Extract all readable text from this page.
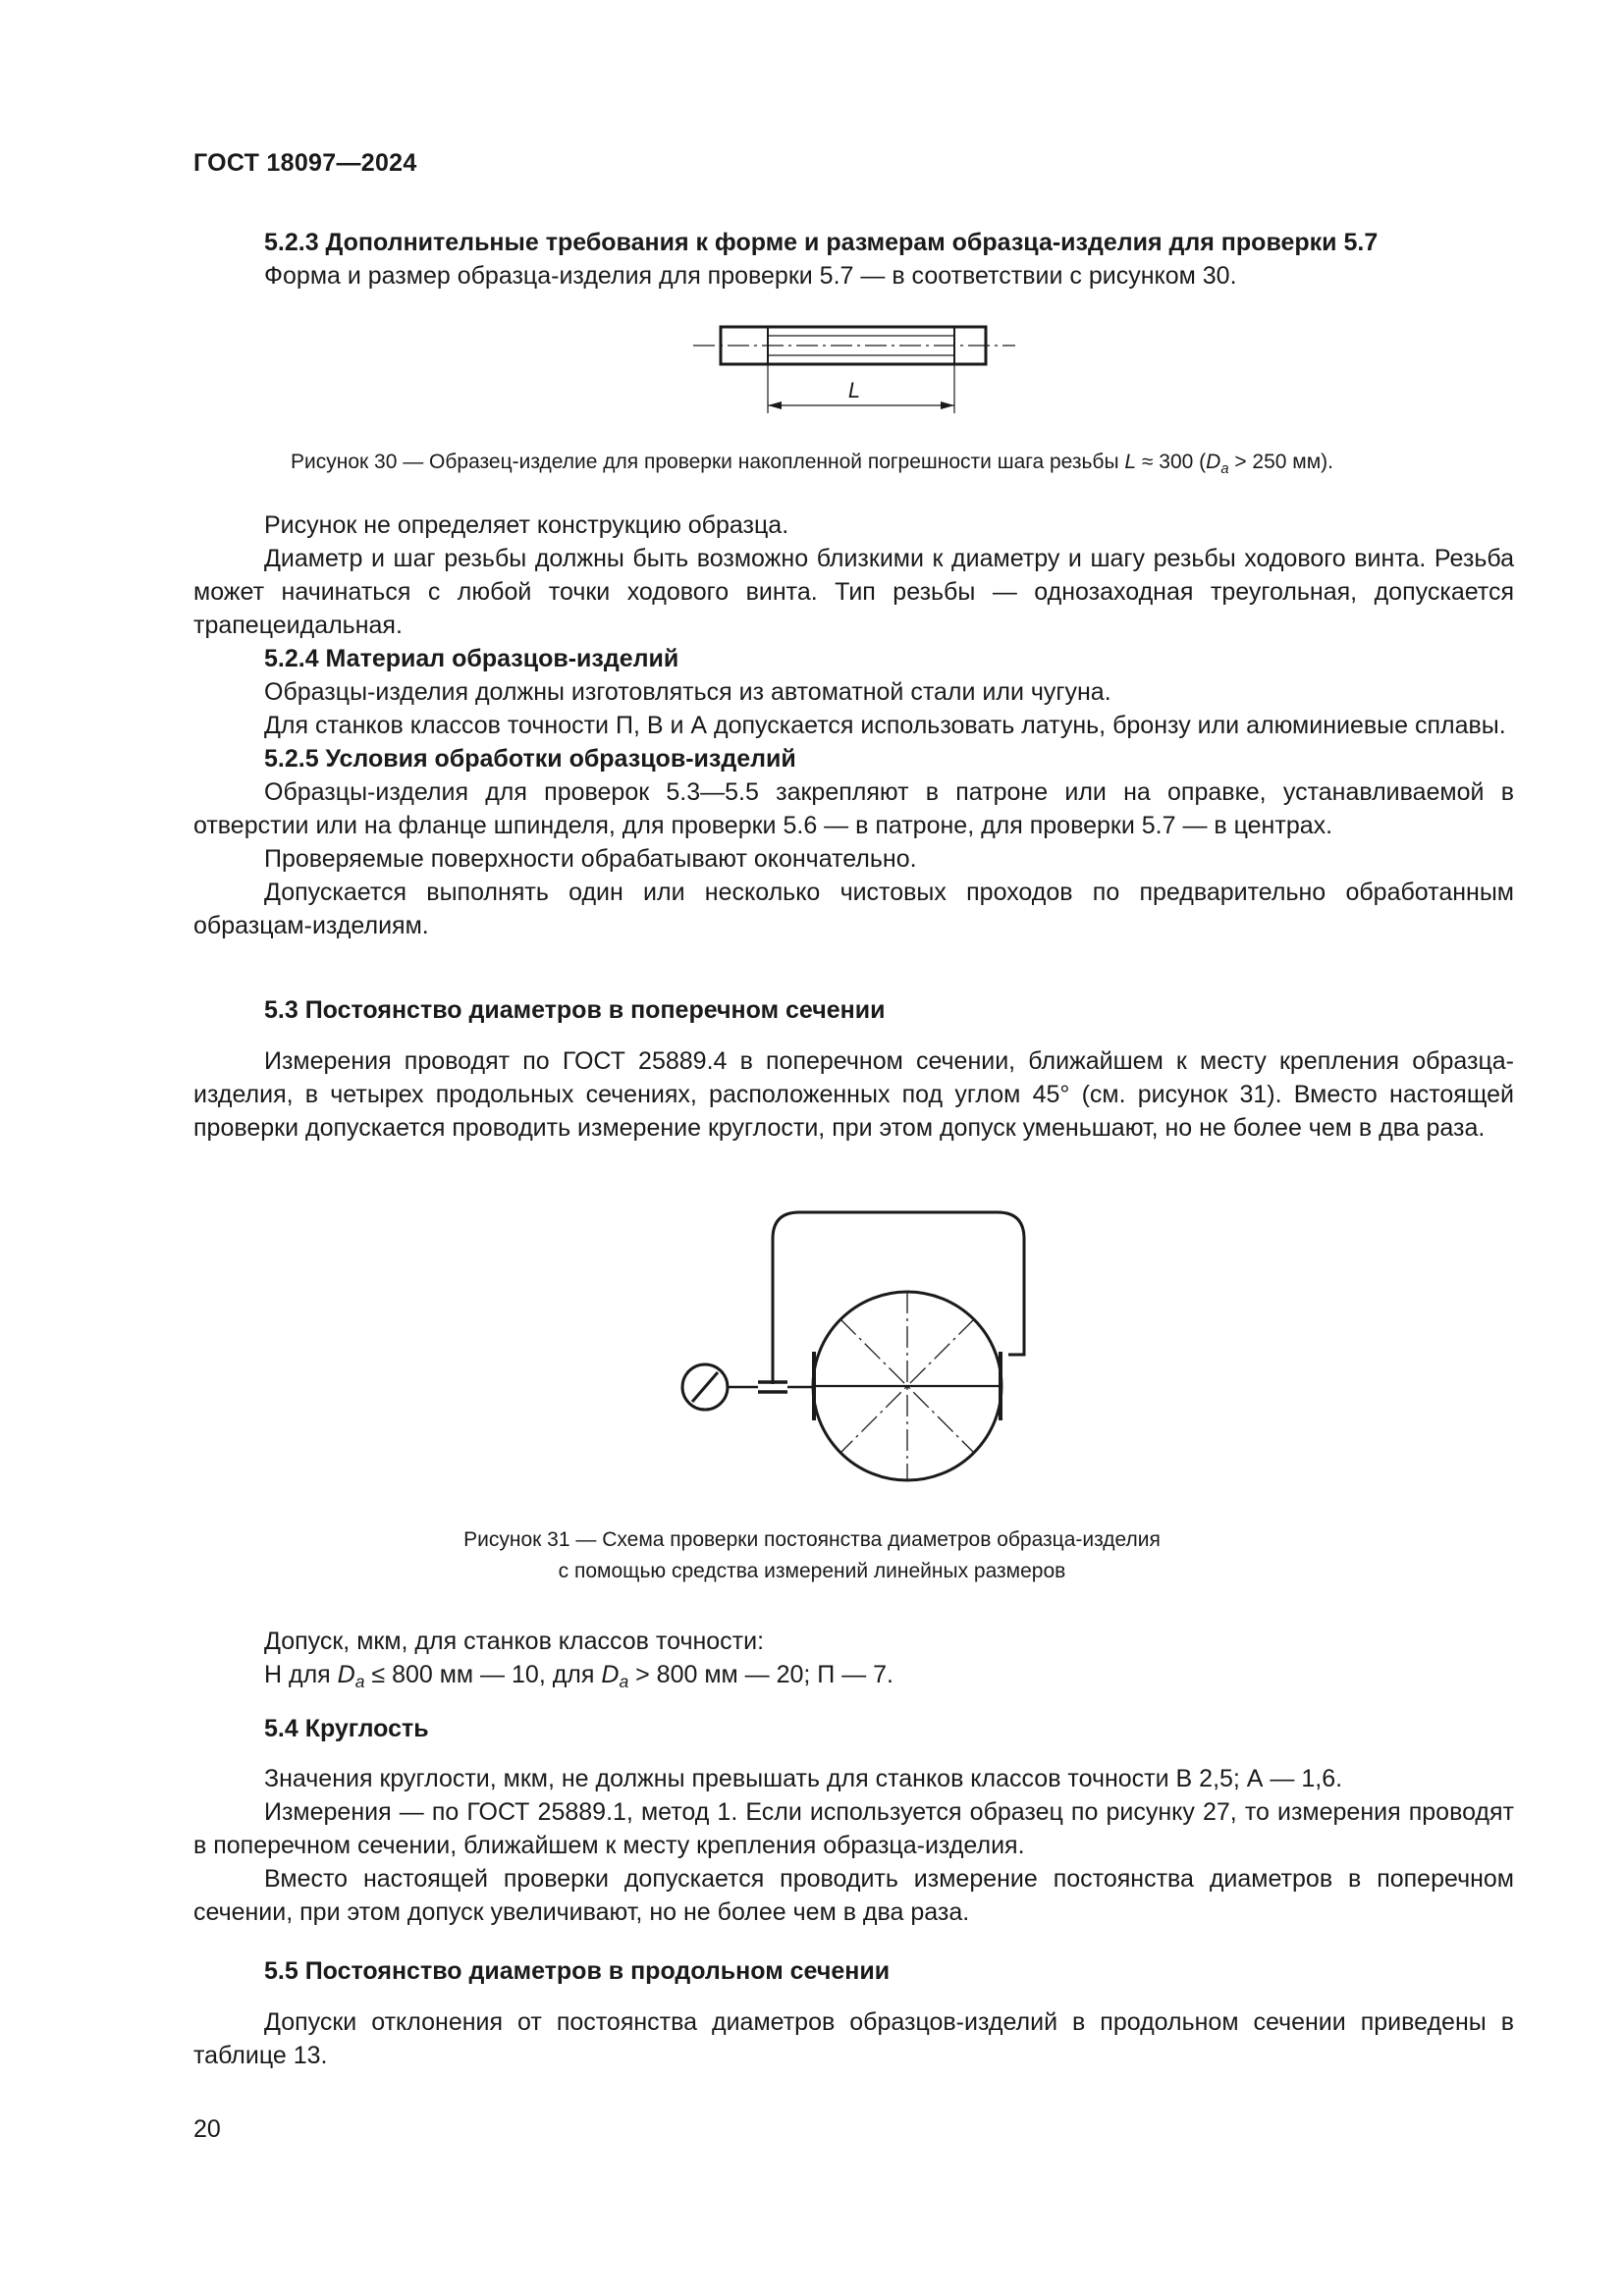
ГОСТ 18097—2024

5.2.3 Дополнительные требования к форме и размерам образца-изделия для проверки 5.7

Форма и размер образца-изделия для проверки 5.7 — в соответствии с рисунком 30.

L

Рисунок 30 — Образец-изделие для проверки накопленной погрешности шага резьбы L ≈ 300 ($D_a > 250$ мм).

Рисунок не определяет конструкцию образца.

Диаметр и шаг резьбы должны быть возможно близкими к диаметру и шагу резьбы ходового винта. Резьба может начинаться с любой точки ходового винта. Тип резьбы — однозаходная треугольная, допускается трапецеидальная.

5.2.4 Материал образцов-изделий

Образцы-изделия должны изготовляться из автоматной стали или чугуна.

Для станков классов точности П, В и А допускается использовать латунь, бронзу или алюминиевые сплавы.

5.2.5 Условия обработки образцов-изделий

Образцы-изделия для проверок 5.3—5.5 закрепляют в патроне или на оправке, устанавливаемой в отверстии или на фланце шпинделя, для проверки 5.6 — в патроне, для проверки 5.7 — в центрах.

Проверяемые поверхности обрабатывают окончательно.

Допускается выполнять один или несколько чистовых проходов по предварительно обработанным образцам-изделиям.

5.3 Постоянство диаметров в поперечном сечении

Измерения проводят по ГОСТ 25889.4 в поперечном сечении, ближайшем к месту крепления образца-изделия, в четырех продольных сечениях, расположенных под углом 45° (см. рисунок 31). Вместо настоящей проверки допускается проводить измерение круглости, при этом допуск уменьшают, но не более чем в два раза.

Рисунок 31 — Схема проверки постоянства диаметров образца-изделия

с помощью средства измерений линейных размеров

Допуск, мкм, для станков классов точности:

Н для $D_a \le 800$ мм — 10, для $D_a > 800$ мм — 20; П — 7.

5.4 Круглость

Значения круглости, мкм, не должны превышать для станков классов точности В 2,5; А — 1,6.

Измерения — по ГОСТ 25889.1, метод 1. Если используется образец по рисунку 27, то измерения проводят в поперечном сечении, ближайшем к месту крепления образца-изделия.

Вместо настоящей проверки допускается проводить измерение постоянства диаметров в поперечном сечении, при этом допуск увеличивают, но не более чем в два раза.

5.5 Постоянство диаметров в продольном сечении

Допуски отклонения от постоянства диаметров образцов-изделий в продольном сечении приведены в таблице 13.

20
